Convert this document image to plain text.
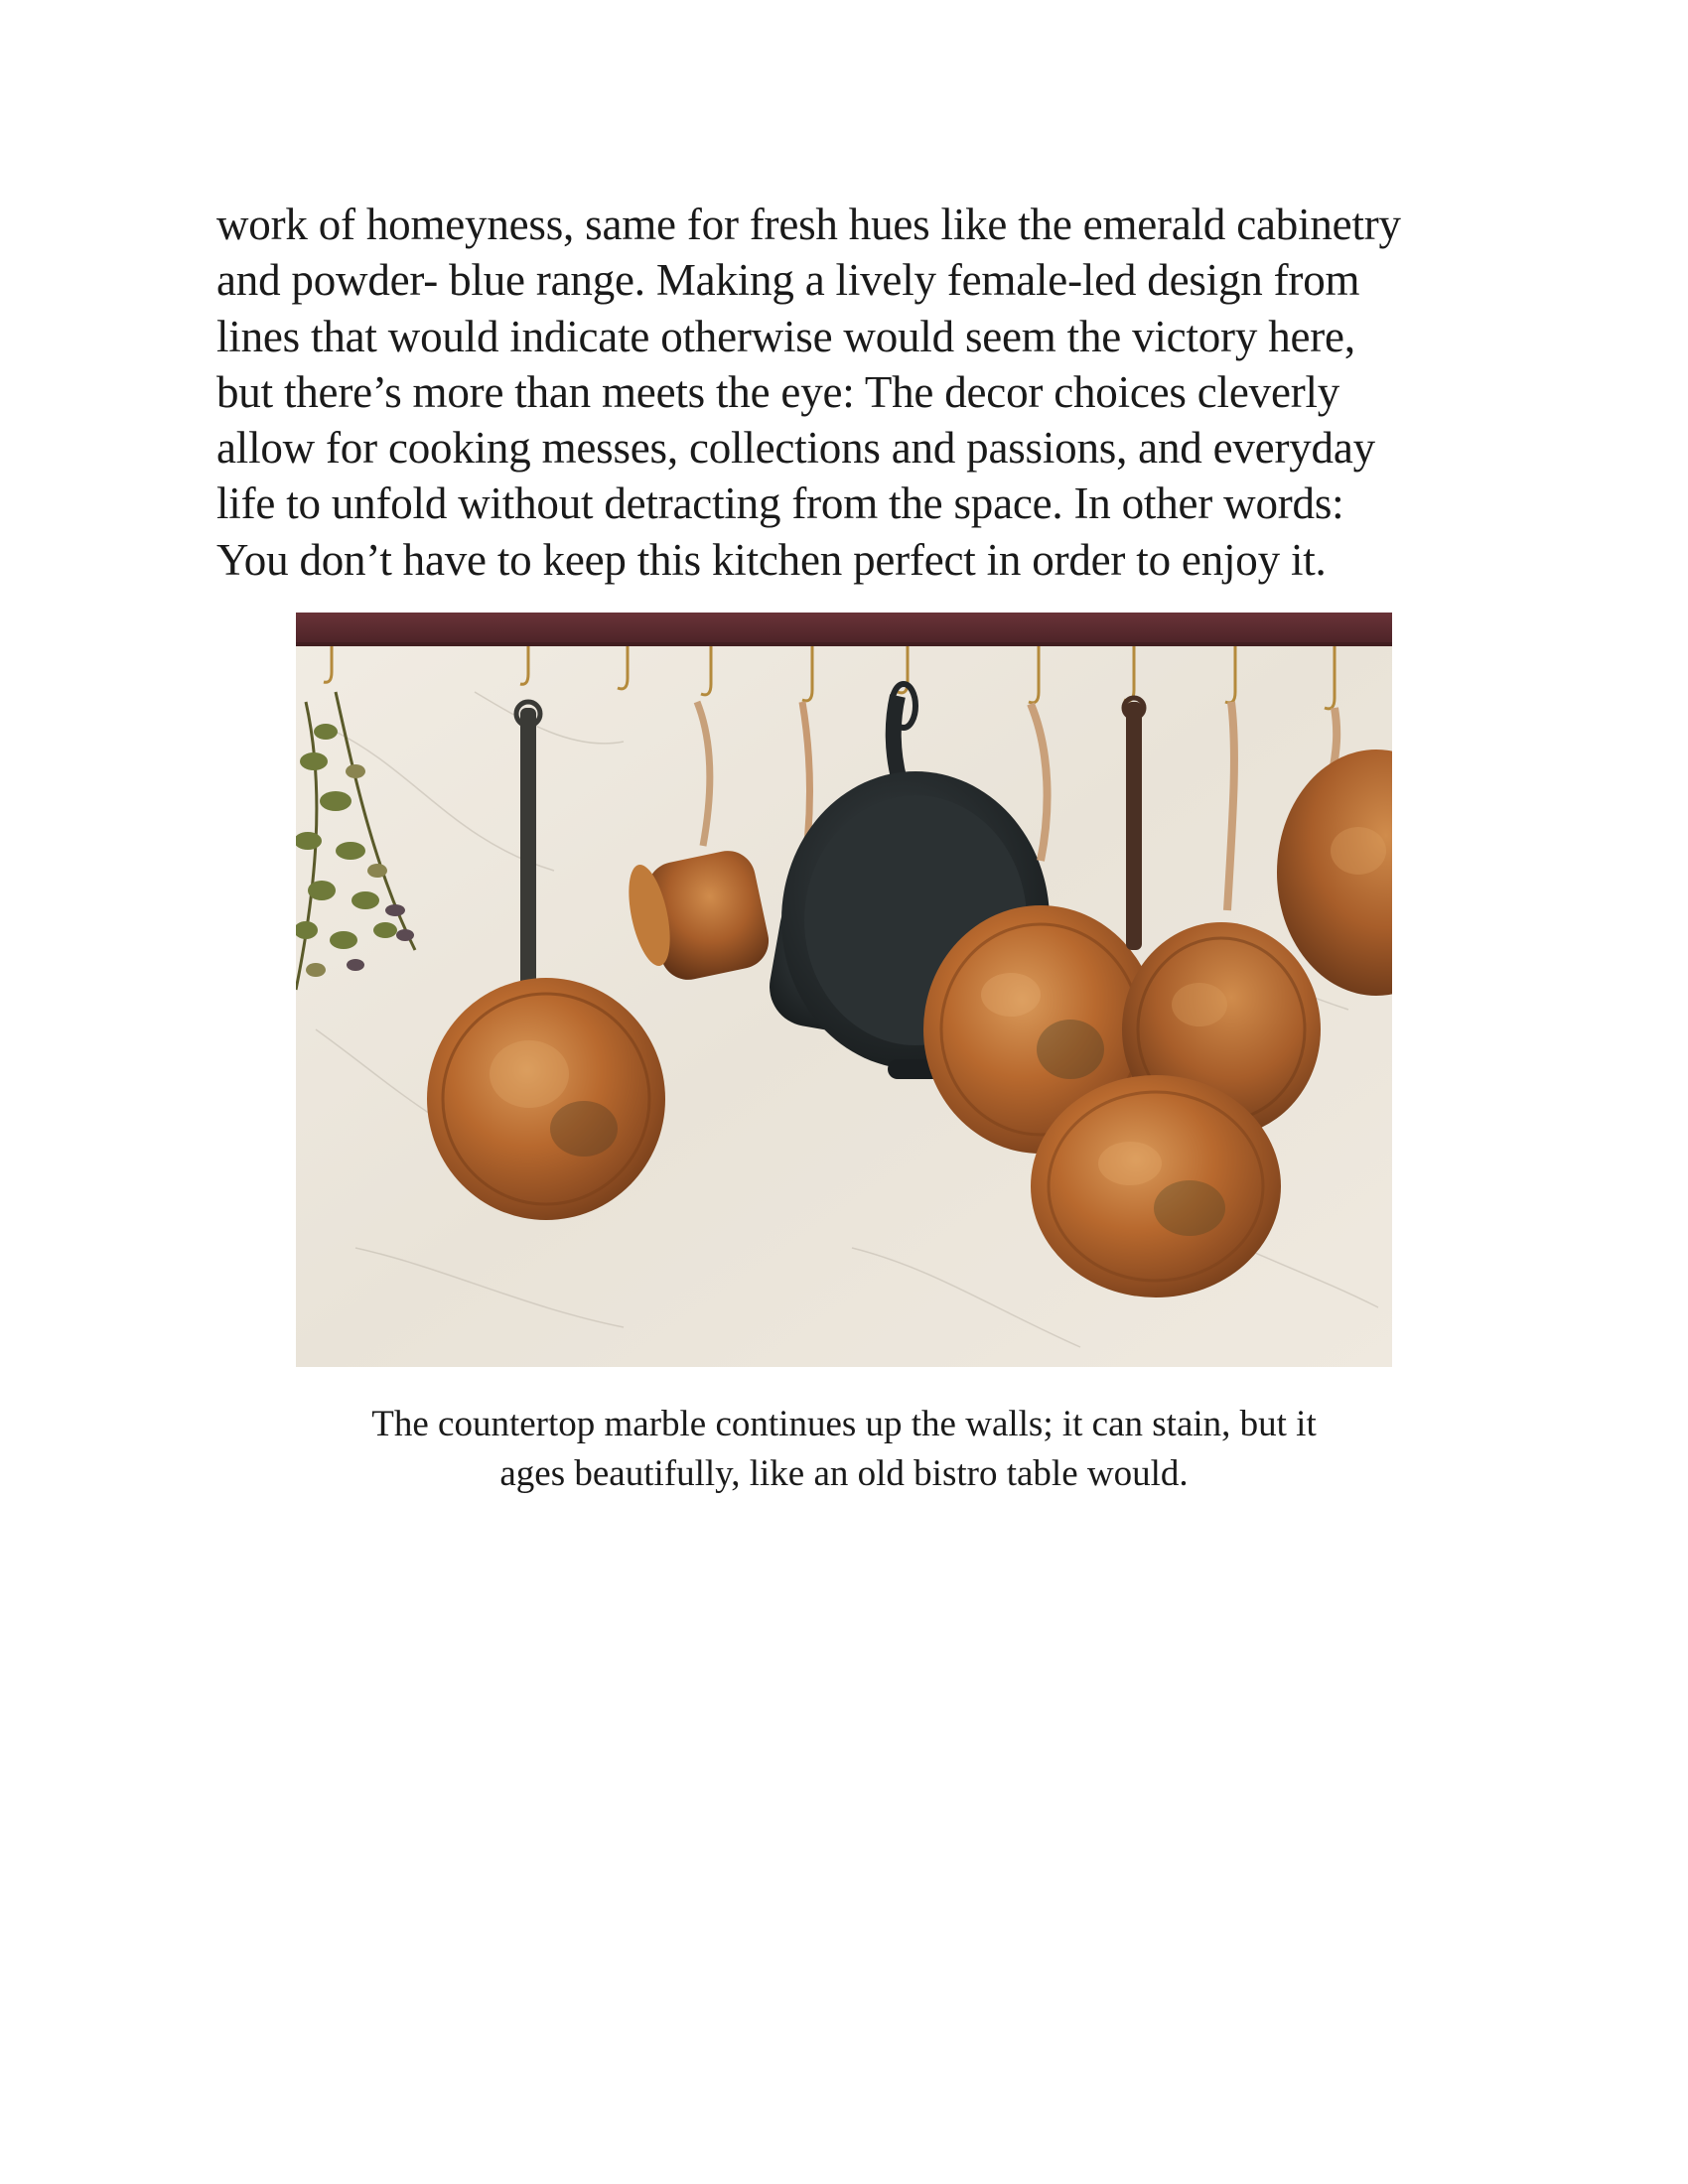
work of homeyness, same for fresh hues like the emerald cabinetry
and powder- blue range. Making a lively female-led design from
lines that would indicate otherwise would seem the victory here,
but there’s more than meets the eye: The decor choices cleverly
allow for cooking messes, collections and passions, and everyday
life to unfold without detracting from the space. In other words:
You don’t have to keep this kitchen perfect in order to enjoy it.
The countertop marble continues up the walls; it can stain, but it
ages beautifully, like an old bistro table would.
